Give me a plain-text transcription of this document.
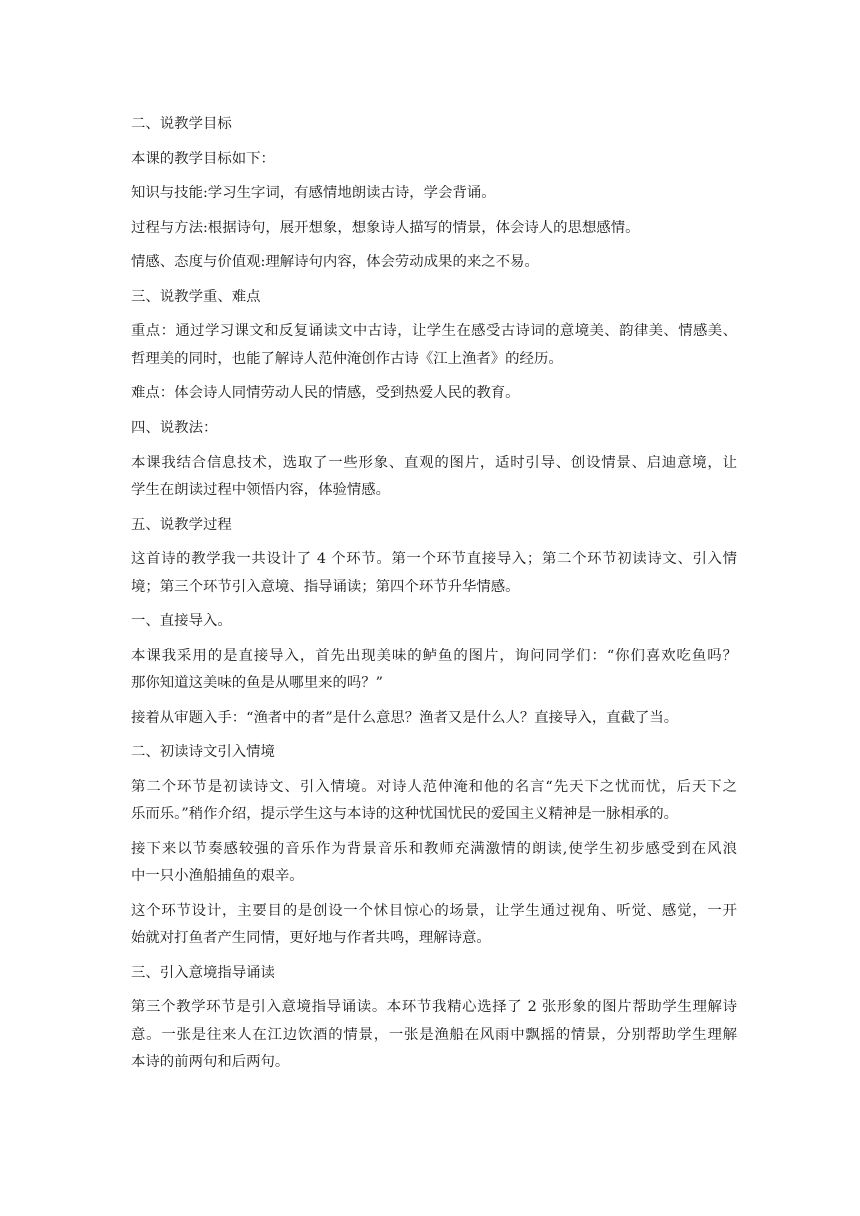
二、说教学目标
本课的教学目标如下：
知识与技能:学习生字词，有感情地朗读古诗，学会背诵。
过程与方法:根据诗句，展开想象，想象诗人描写的情景，体会诗人的思想感情。
情感、态度与价值观:理解诗句内容，体会劳动成果的来之不易。
三、说教学重、难点
重点：通过学习课文和反复诵读文中古诗，让学生在感受古诗词的意境美、韵律美、情感美、
哲理美的同时，也能了解诗人范仲淹创作古诗《江上渔者》的经历。
难点：体会诗人同情劳动人民的情感，受到热爱人民的教育。
四、说教法：
本课我结合信息技术，选取了一些形象、直观的图片，适时引导、创设情景、启迪意境，让
学生在朗读过程中领悟内容，体验情感。
五、说教学过程
这首诗的教学我一共设计了 4 个环节。第一个环节直接导入；第二个环节初读诗文、引入情
境；第三个环节引入意境、指导诵读；第四个环节升华情感。
一、直接导入。
本课我采用的是直接导入，首先出现美味的鲈鱼的图片，询问同学们：“你们喜欢吃鱼吗？
那你知道这美味的鱼是从哪里来的吗？”
接着从审题入手：“渔者中的者”是什么意思？渔者又是什么人？直接导入，直截了当。
二、初读诗文引入情境
第二个环节是初读诗文、引入情境。对诗人范仲淹和他的名言“先天下之忧而忧，后天下之
乐而乐。”稍作介绍，提示学生这与本诗的这种忧国忧民的爱国主义精神是一脉相承的。
接下来以节奏感较强的音乐作为背景音乐和教师充满激情的朗读,使学生初步感受到在风浪
中一只小渔船捕鱼的艰辛。
这个环节设计，主要目的是创设一个怵目惊心的场景，让学生通过视角、听觉、感觉，一开
始就对打鱼者产生同情，更好地与作者共鸣，理解诗意。
三、引入意境指导诵读
第三个教学环节是引入意境指导诵读。本环节我精心选择了 2 张形象的图片帮助学生理解诗
意。一张是往来人在江边饮酒的情景，一张是渔船在风雨中飘摇的情景，分别帮助学生理解
本诗的前两句和后两句。
